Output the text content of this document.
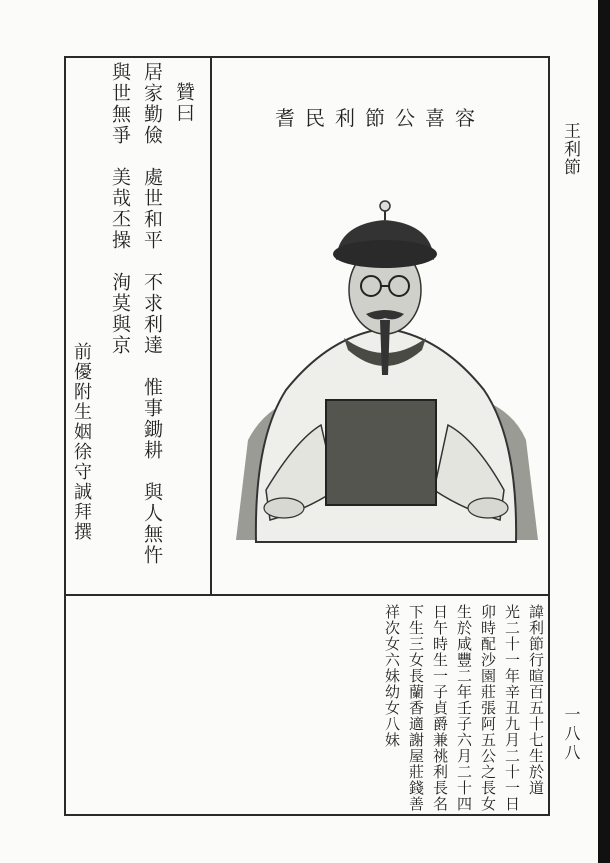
王利節
贊曰
居家勤儉　處世和平　不求利達　惟事鋤耕　與人無忤
與世無爭　美哉丕操　洵莫與京
前優附生姻徐守誠拜撰
耆民利節公喜容
諱利節行暄百五十七生於道
光二十一年辛丑九月二十一日
卯時配沙園莊張阿五公之長女
生於咸豐二年壬子六月二十四
日午時生一子貞爵兼祧利長名
下生三女長蘭香適謝屋莊錢善
祥次女六妹幼女八妹	一八八
